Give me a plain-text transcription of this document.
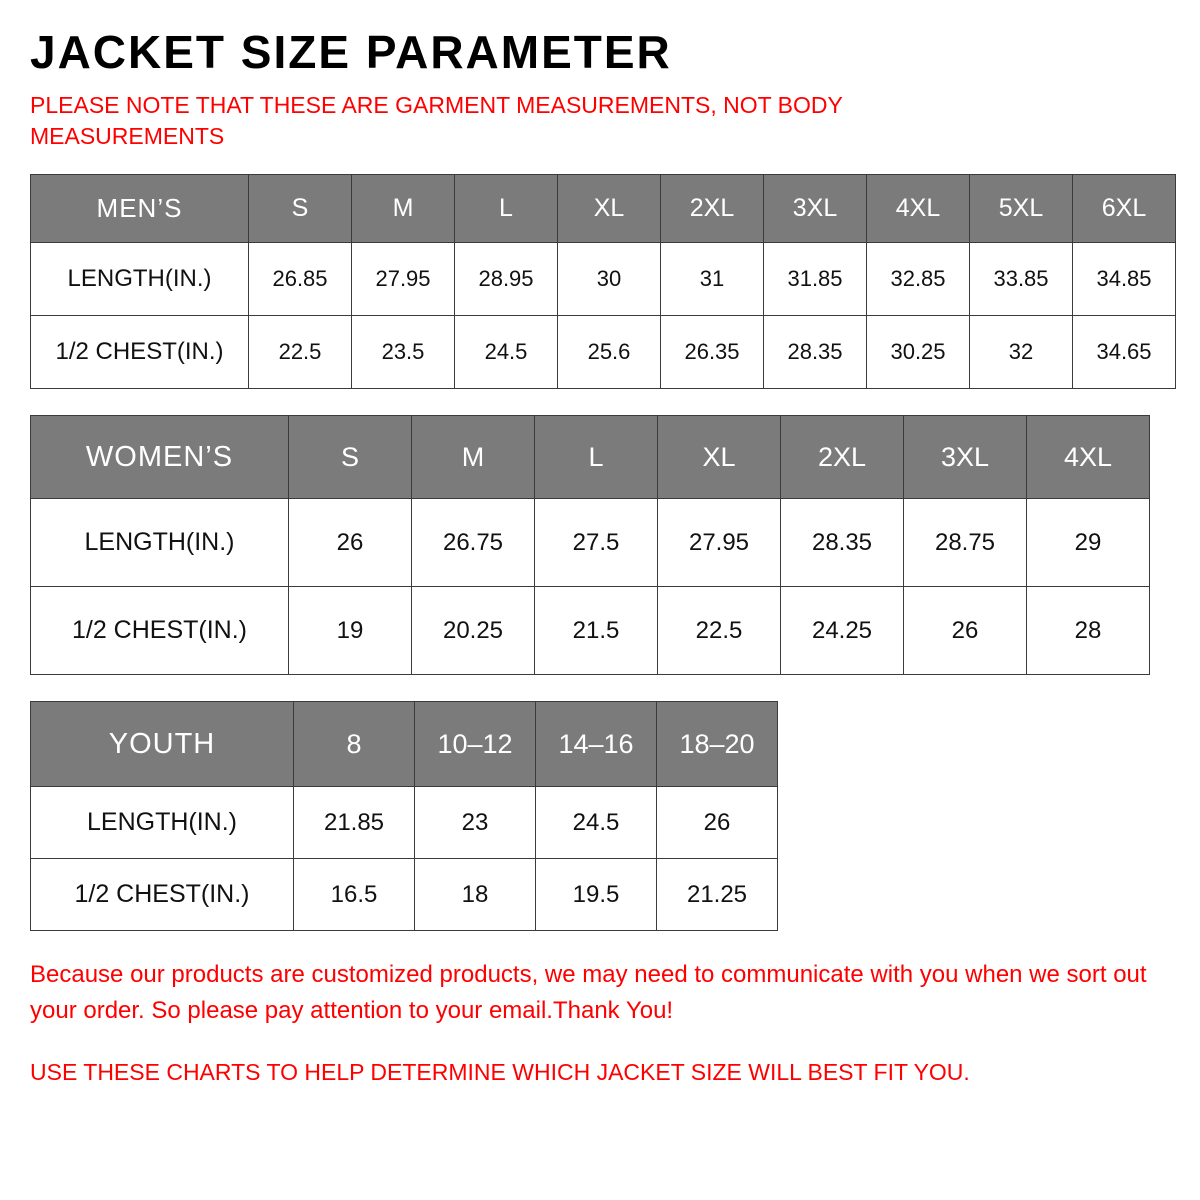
JACKET SIZE PARAMETER

PLEASE NOTE THAT THESE ARE GARMENT MEASUREMENTS, NOT BODY MEASUREMENTS

MEN’S	S	M	L	XL	2XL	3XL	4XL	5XL	6XL
LENGTH(IN.)	26.85	27.95	28.95	30	31	31.85	32.85	33.85	34.85
1/2 CHEST(IN.)	22.5	23.5	24.5	25.6	26.35	28.35	30.25	32	34.65
WOMEN’S	S	M	L	XL	2XL	3XL	4XL
LENGTH(IN.)	26	26.75	27.5	27.95	28.35	28.75	29
1/2 CHEST(IN.)	19	20.25	21.5	22.5	24.25	26	28
YOUTH	8	10–12	14–16	18–20
LENGTH(IN.)	21.85	23	24.5	26
1/2 CHEST(IN.)	16.5	18	19.5	21.25

Because our products are customized products, we may need to communicate with you when we sort out your order. So please pay attention to your email.Thank You!

USE THESE CHARTS TO HELP DETERMINE WHICH JACKET SIZE WILL BEST FIT YOU.
